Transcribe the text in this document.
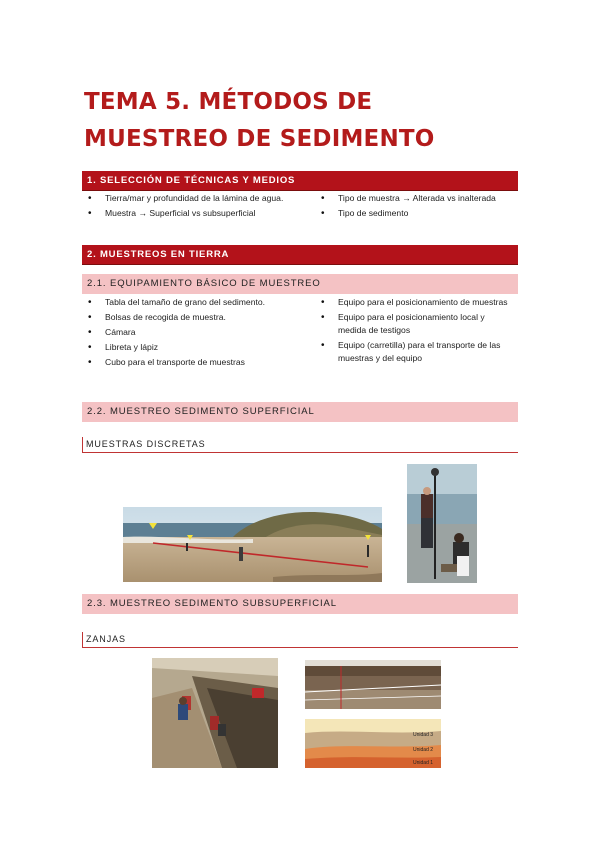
TEMA 5. MÉTODOS DE MUESTREO DE SEDIMENTO
1. SELECCIÓN DE TÉCNICAS Y MEDIOS
• Tierra/mar y profundidad de la lámina de agua.
• Muestra → Superficial vs subsuperficial
• Tipo de muestra → Alterada vs inalterada
• Tipo de sedimento
2. MUESTREOS EN TIERRA
2.1. EQUIPAMIENTO BÁSICO DE MUESTREO
• Tabla del tamaño de grano del sedimento.
• Bolsas de recogida de muestra.
• Cámara
• Libreta y lápiz
• Cubo para el transporte de muestras
• Equipo para el posicionamiento de muestras
• Equipo para el posicionamiento local y medida de testigos
• Equipo (carretilla) para el transporte de las muestras y del equipo
2.2. MUESTREO SEDIMENTO SUPERFICIAL
MUESTRAS DISCRETAS
2.3. MUESTREO SEDIMENTO SUBSUPERFICIAL
ZANJAS
Unidad 3
Unidad 2
Unidad 1
